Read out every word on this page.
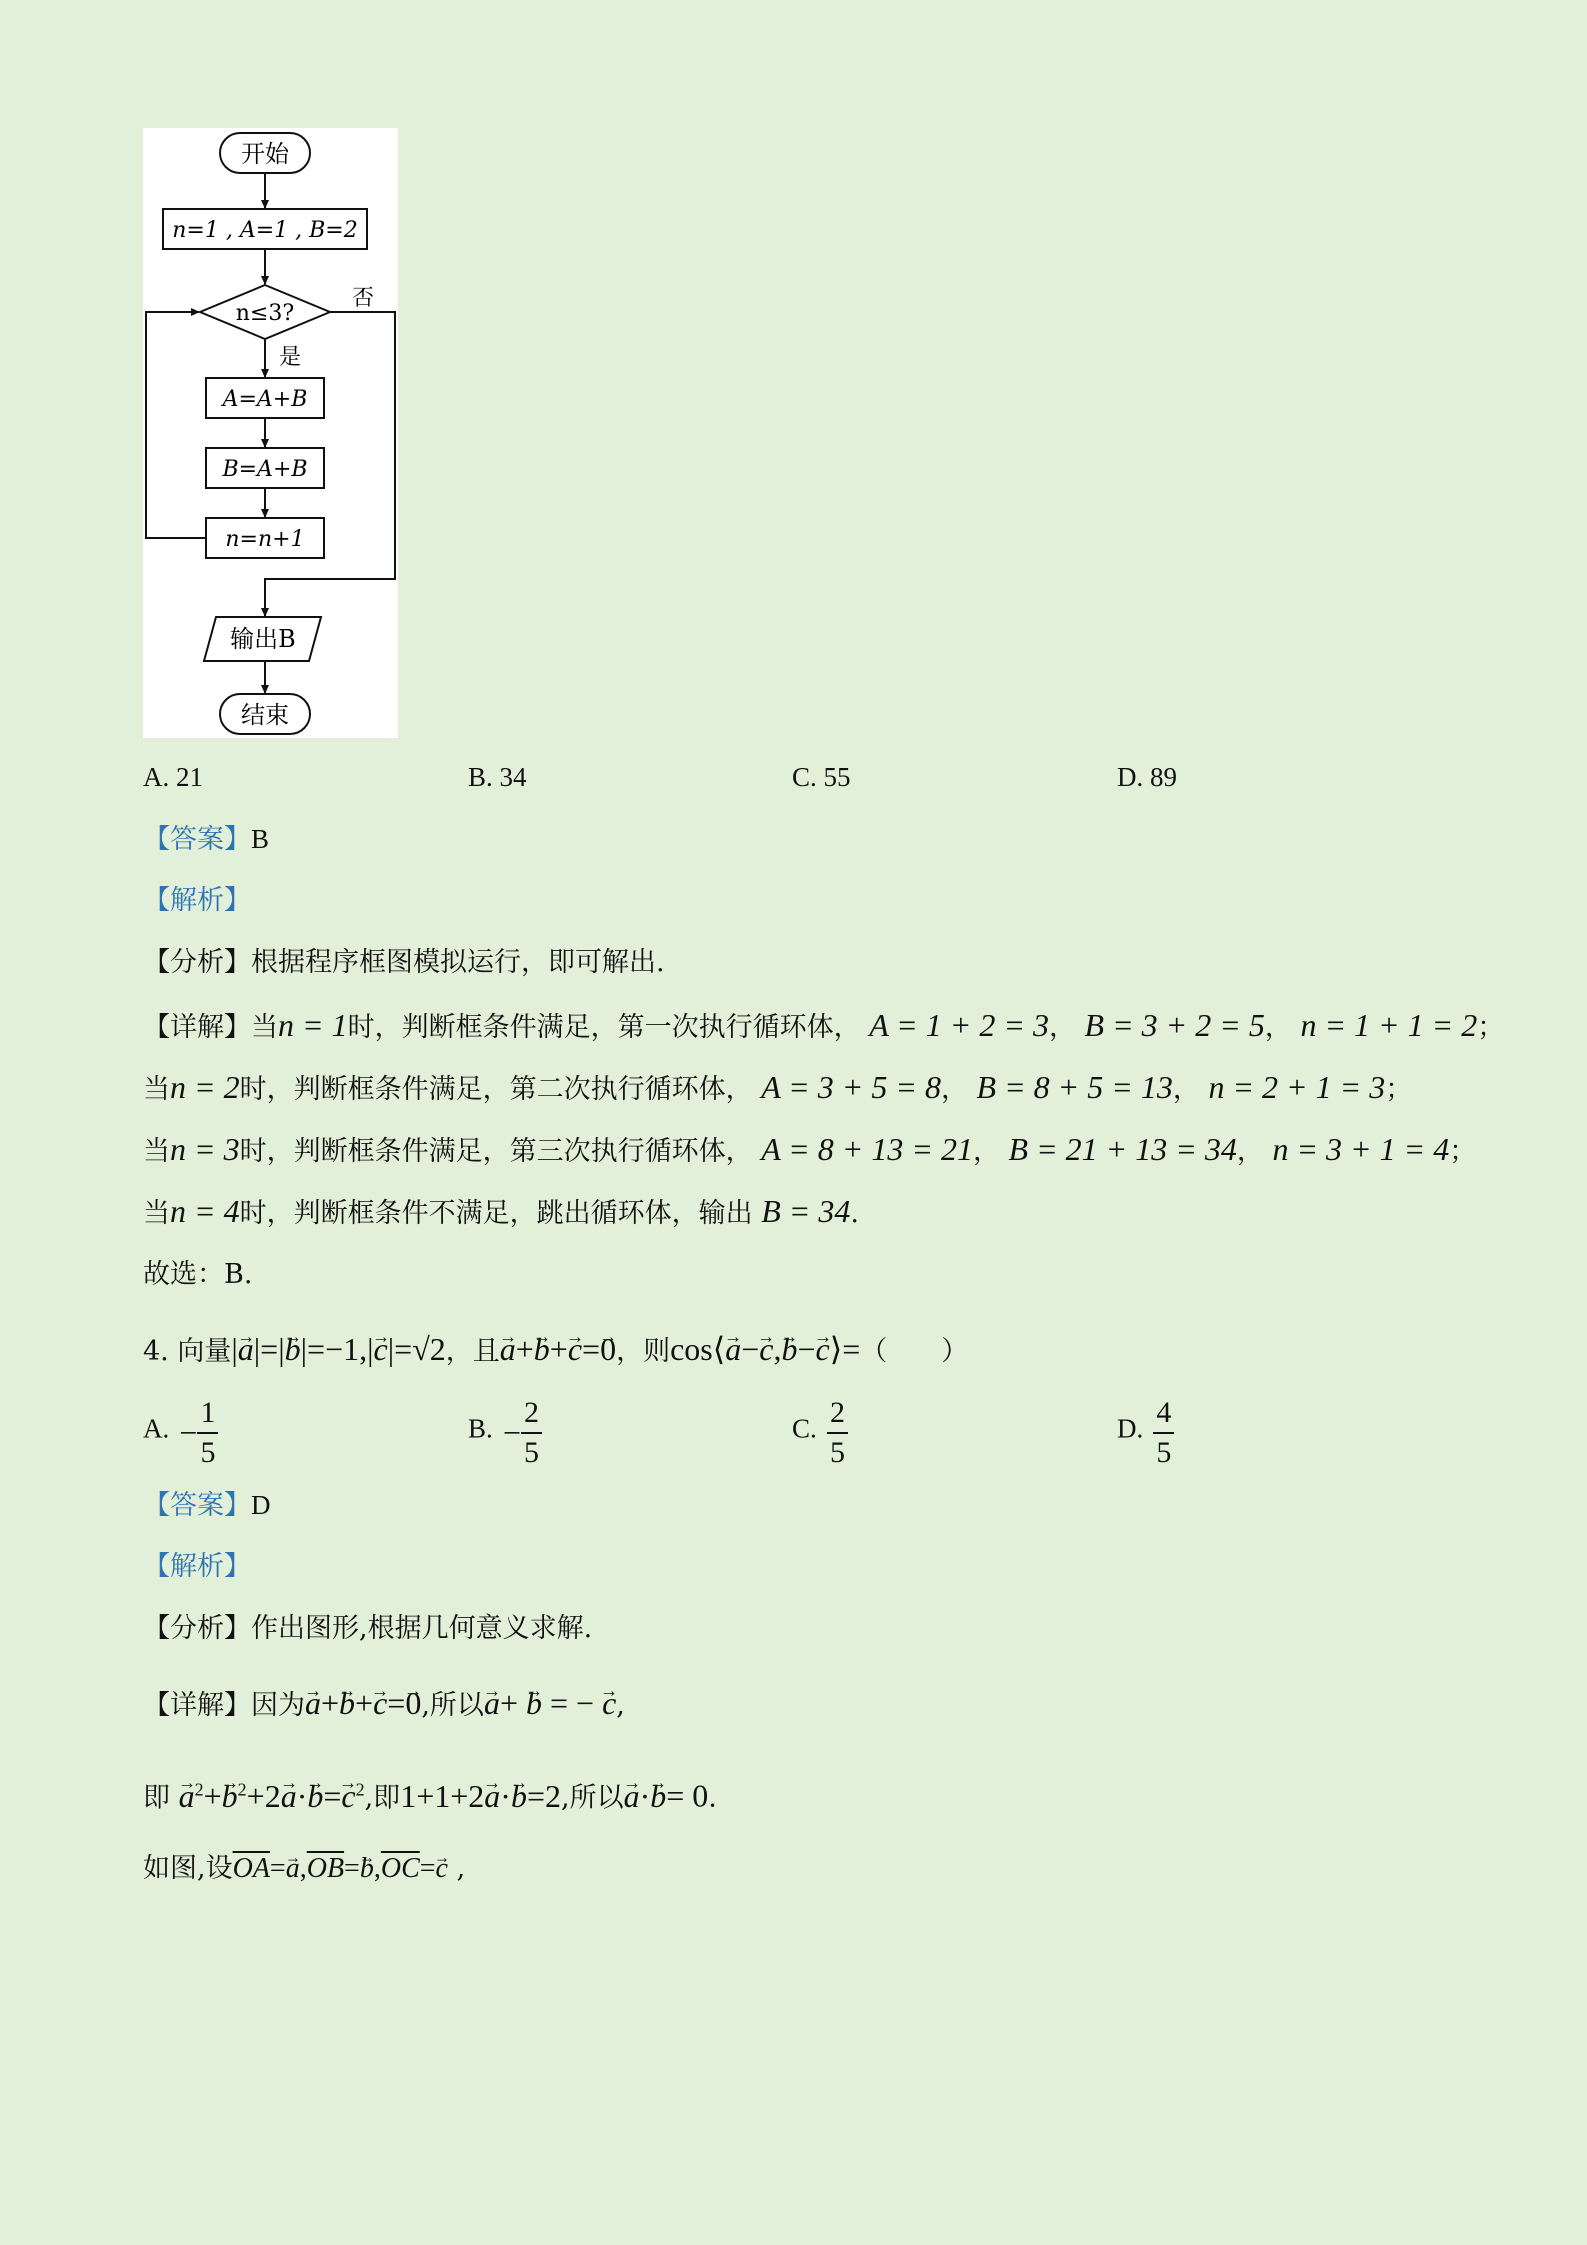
开始
n=1 , A=1 , B=2
n≤3?
否
是
A=A+B
B=A+B
n=n+1
输出B
结束
A. 21	B. 34	C. 55	D. 89
【答案】B
【解析】
【分析】根据程序框图模拟运行，即可解出.
【详解】当n = 1时，判断框条件满足，第一次执行循环体， A = 1 + 2 = 3， B = 3 + 2 = 5， n = 1 + 1 = 2；
当n = 2时，判断框条件满足，第二次执行循环体， A = 3 + 5 = 8， B = 8 + 5 = 13， n = 2 + 1 = 3；
当n = 3时，判断框条件满足，第三次执行循环体， A = 8 + 13 = 21， B = 21 + 13 = 34， n = 3 + 1 = 4；
当n = 4时，判断框条件不满足，跳出循环体，输出 B = 34.
故选：B.
4. 向量|→ a|=|→ b|=−1,|→ c|=√2，且→ a+→ b+→ c=→ 0，则cos⟨→ a−→ c,→ b−→ c⟩=（　　）
A. − $\frac{1}{5}$	B. − $\frac{2}{5}$	C. $\frac{2}{5}$	D. $\frac{4}{5}$
【答案】D
【解析】
【分析】作出图形,根据几何意义求解.
【详解】因为→ a+→ b+→ c=→ 0,所以→ a+ → b = − → c,
即 → $a^2+\to b^2+2\to a\cdot\to b=\to c^2$,即1+1+2→ a·→ b=2,所以→ a·→ b= 0.
如图,设$\overline{OA}=\to a,\overline{OB}=\to b,\overline{OC}=\to c$ ,
